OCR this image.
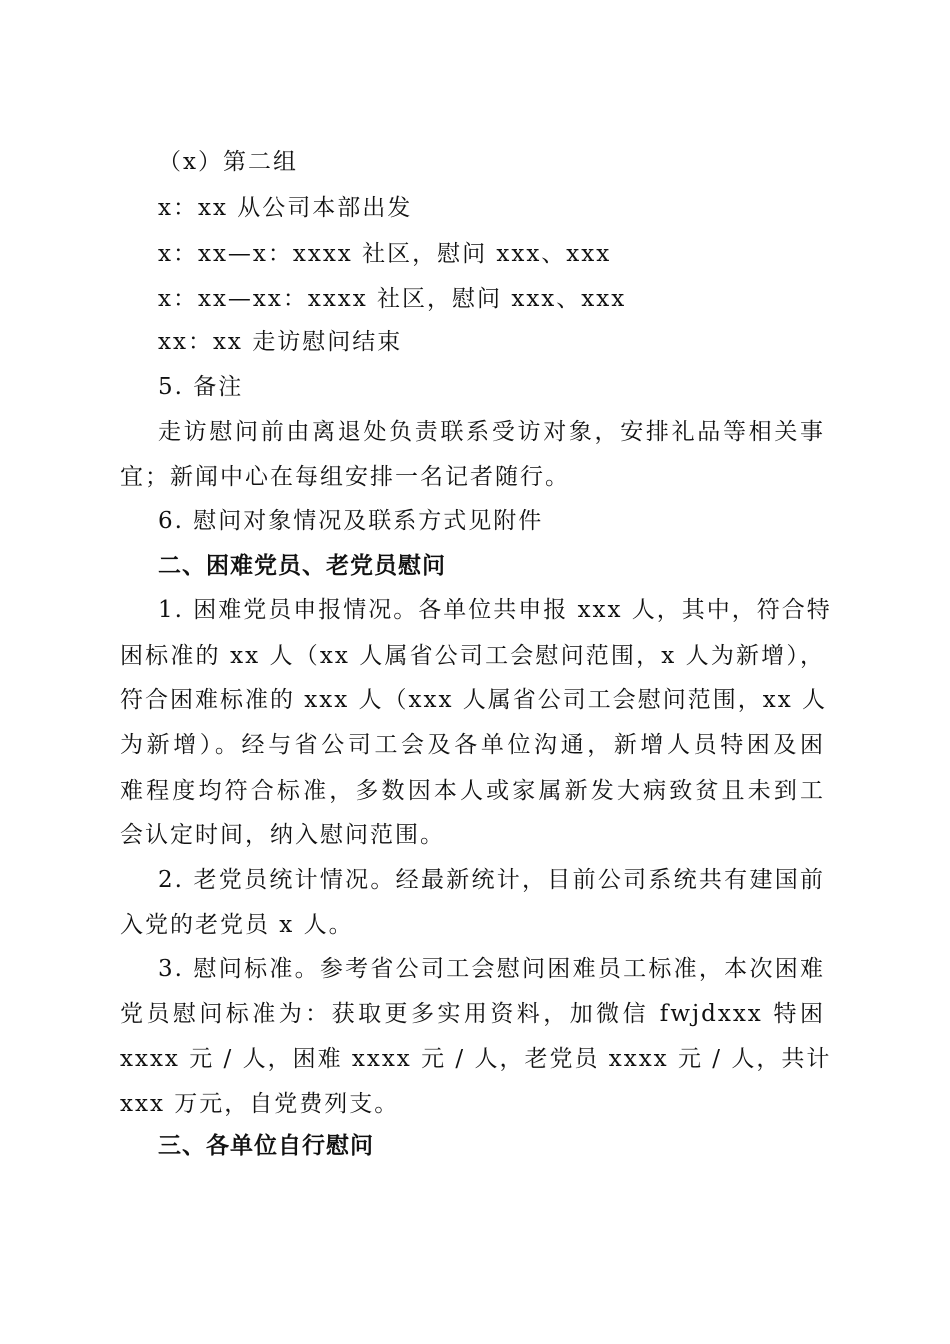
（x）第二组
x：xx 从公司本部出发
x：xx—x：xxxx 社区，慰问 xxx、xxx
x：xx—xx：xxxx 社区，慰问 xxx、xxx
xx：xx 走访慰问结束
5. 备注
走访慰问前由离退处负责联系受访对象，安排礼品等相关事
宜；新闻中心在每组安排一名记者随行。
6. 慰问对象情况及联系方式见附件
二、困难党员、老党员慰问
1. 困难党员申报情况。各单位共申报 xxx 人，其中，符合特
困标准的 xx 人（xx 人属省公司工会慰问范围，x 人为新增），
符合困难标准的 xxx 人（xxx 人属省公司工会慰问范围，xx 人
为新增）。经与省公司工会及各单位沟通，新增人员特困及困
难程度均符合标准，多数因本人或家属新发大病致贫且未到工
会认定时间，纳入慰问范围。
2. 老党员统计情况。经最新统计，目前公司系统共有建国前
入党的老党员 x 人。
3. 慰问标准。参考省公司工会慰问困难员工标准，本次困难
党员慰问标准为：获取更多实用资料，加微信 fwjdxxx 特困
xxxx 元 / 人，困难 xxxx 元 / 人，老党员 xxxx 元 / 人，共计
xxx 万元，自党费列支。
三、各单位自行慰问
